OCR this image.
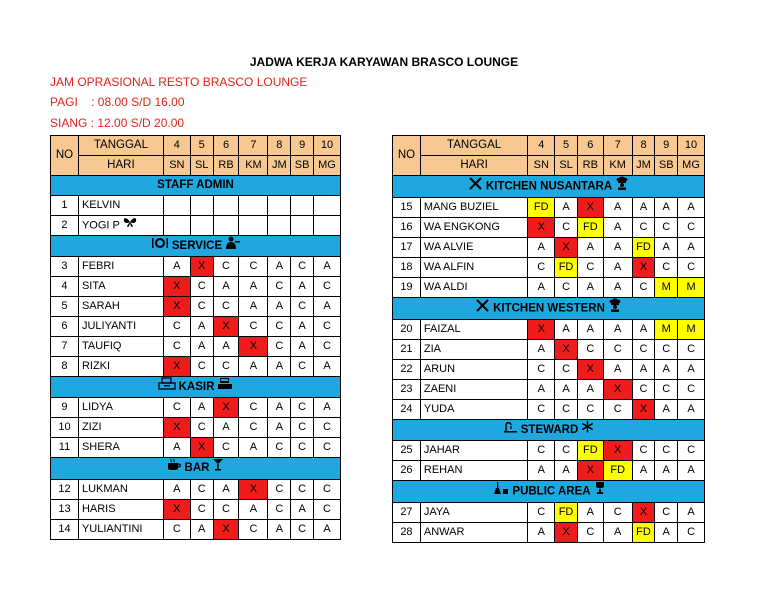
JADWA KERJA KARYAWAN BRASCO LOUNGE
JAM OPRASIONAL RESTO BRASCO LOUNGE
PAGI    : 08.00 S/D 16.00
SIANG : 12.00 S/D 20.00
NO	TANGGAL	4	5	6	7	8	9	10
	HARI	SN	SL	RB	KM	JM	SB	MG
STAFF ADMIN								
1	KELVIN							
2	YOGI P							
SERVICE								
3	FEBRI	A	X	C	C	A	C	A
4	SITA	X	C	A	A	C	A	C
5	SARAH	X	C	C	A	A	C	A
6	JULIYANTI	C	A	X	C	C	A	C
7	TAUFIQ	C	A	A	X	C	A	C
8	RIZKI	X	C	C	A	A	C	A
KASIR								
9	LIDYA	C	A	X	C	A	C	A
10	ZIZI	X	C	A	C	A	C	C
11	SHERA	A	X	C	A	C	C	C
BAR								
12	LUKMAN	A	C	A	X	C	C	C
13	HARIS	X	C	C	A	C	A	C
14	YULIANTINI	C	A	X	C	A	C	A
NO	TANGGAL	4	5	6	7	8	9	10
	HARI	SN	SL	RB	KM	JM	SB	MG
KITCHEN NUSANTARA								
15	MANG BUZIEL	FD	A	X	A	A	A	A
16	WA ENGKONG	X	C	FD	A	C	C	C
17	WA ALVIE	A	X	A	A	FD	A	A
18	WA ALFIN	C	FD	C	A	X	C	C
19	WA ALDI	A	C	A	A	C	M	M
KITCHEN WESTERN								
20	FAIZAL	X	A	A	A	A	M	M
21	ZIA	A	X	C	C	C	C	C
22	ARUN	C	C	X	A	A	A	A
23	ZAENI	A	A	A	X	C	C	C
24	YUDA	C	C	C	C	X	A	A
STEWARD								
25	JAHAR	C	C	FD	X	C	C	C
26	REHAN	A	A	X	FD	A	A	A
PUBLIC AREA								
27	JAYA	C	FD	A	C	X	C	A
28	ANWAR	A	X	C	A	FD	A	C
